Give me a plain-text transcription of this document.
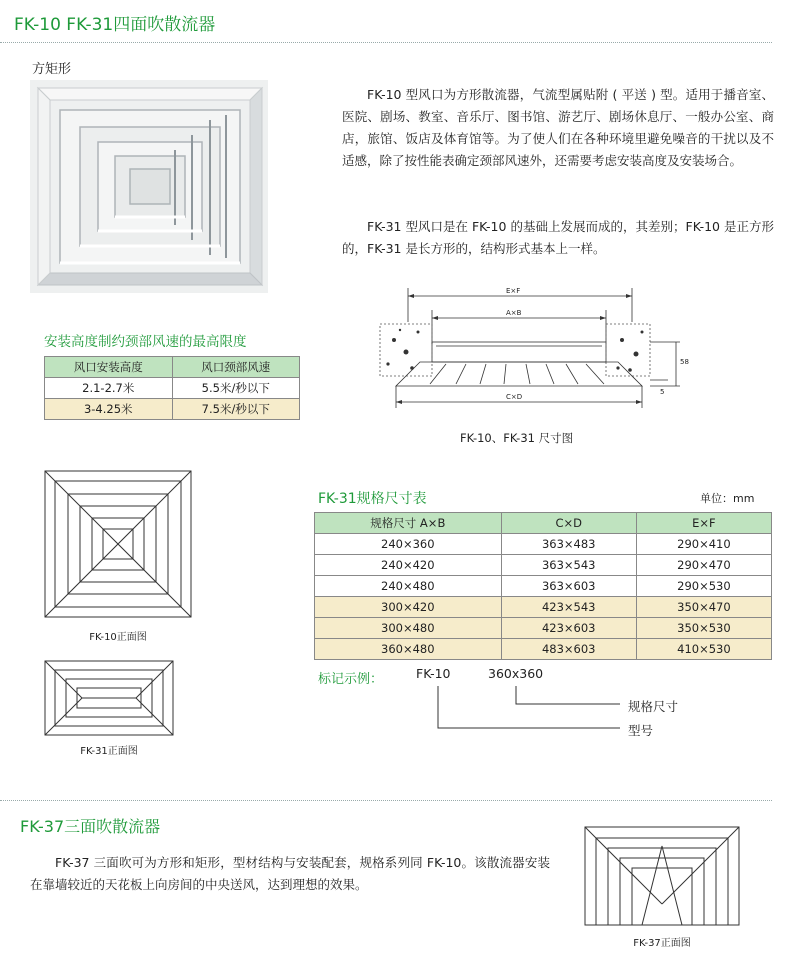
FK-10 FK-31四面吹散流器
方矩形
FK-10 型风口为方形散流器，气流型属贴附 ( 平送 ) 型。适用于播音室、医院、剧场、教室、音乐厅、图书馆、游艺厅、剧场休息厅、一般办公室、商店，旅馆、饭店及体育馆等。为了使人们在各种环境里避免噪音的干扰以及不适感，除了按性能表确定颈部风速外，还需要考虑安装高度及安装场合。
FK-31 型风口是在 FK-10 的基础上发展而成的，其差别；FK-10 是正方形的，FK-31 是长方形的，结构形式基本上一样。
安装高度制约颈部风速的最高限度
风口安装高度	风口颈部风速
2.1-2.7米	5.5米/秒以下
3-4.25米	7.5米/秒以下
E×F
A×B
C×D
58
5
FK-10、FK-31 尺寸图
FK-10正面图
FK-31正面图
FK-31规格尺寸表	单位：mm
规格尺寸 A×B	C×D	E×F
240×360	363×483	290×410
240×420	363×543	290×470
240×480	363×603	290×530
300×420	423×543	350×470
300×480	423×603	350×530
360×480	483×603	410×530
标记示例：	FK-10	360x360
规格尺寸
型号
FK-37三面吹散流器
FK-37 三面吹可为方形和矩形，型材结构与安装配套，规格系列同 FK-10。该散流器安装在靠墙较近的天花板上向房间的中央送风，达到理想的效果。
FK-37正面图
